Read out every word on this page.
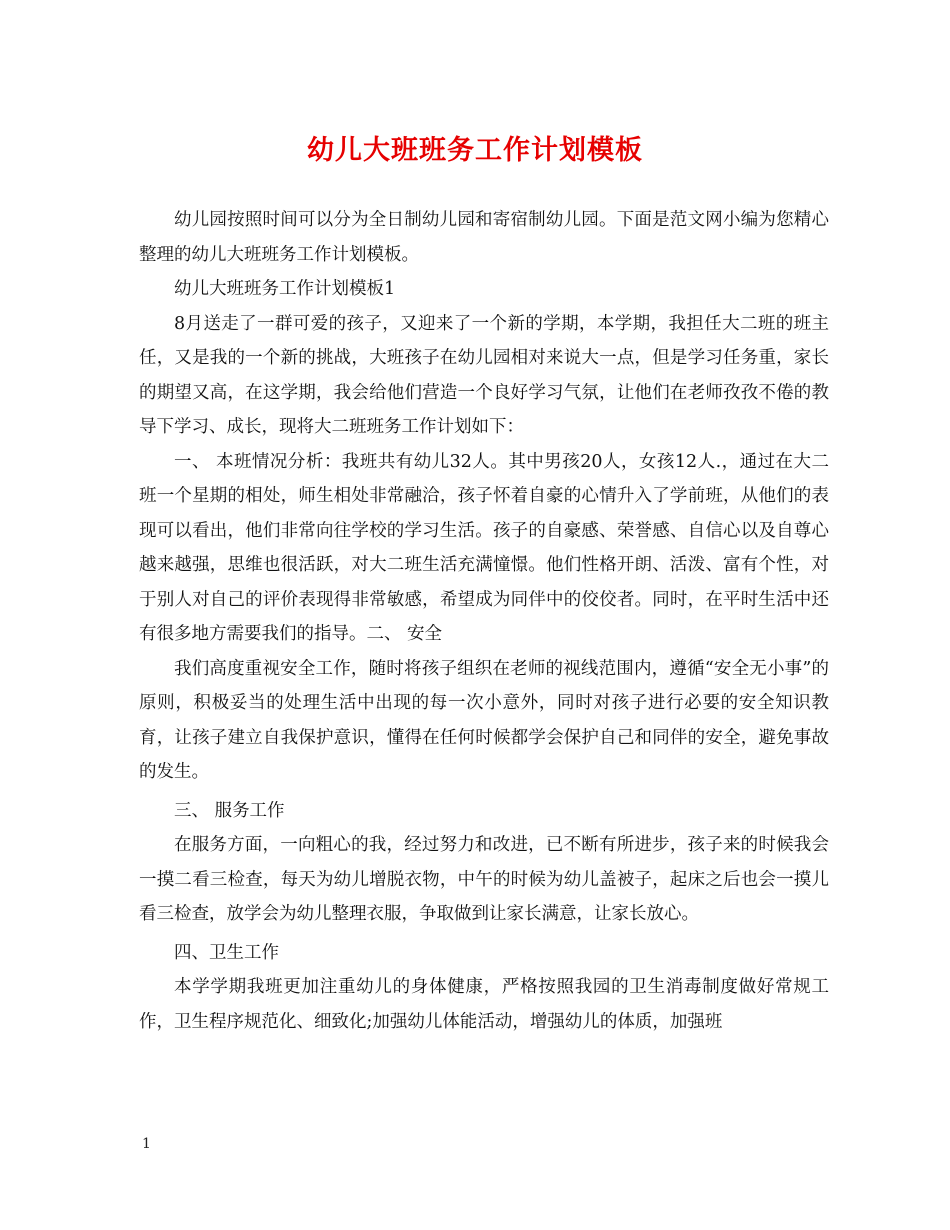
幼儿大班班务工作计划模板

幼儿园按照时间可以分为全日制幼儿园和寄宿制幼儿园。下面是范文网小编为您精心整理的幼儿大班班务工作计划模板。

幼儿大班班务工作计划模板1

8月送走了一群可爱的孩子，又迎来了一个新的学期，本学期，我担任大二班的班主任，又是我的一个新的挑战，大班孩子在幼儿园相对来说大一点，但是学习任务重，家长的期望又高，在这学期，我会给他们营造一个良好学习气氛，让他们在老师孜孜不倦的教导下学习、成长，现将大二班班务工作计划如下：

一、 本班情况分析：我班共有幼儿32人。其中男孩20人，女孩12人.，通过在大二班一个星期的相处，师生相处非常融洽，孩子怀着自豪的心情升入了学前班，从他们的表现可以看出，他们非常向往学校的学习生活。孩子的自豪感、荣誉感、自信心以及自尊心越来越强，思维也很活跃，对大二班生活充满憧憬。他们性格开朗、活泼、富有个性，对于别人对自己的评价表现得非常敏感，希望成为同伴中的佼佼者。同时，在平时生活中还有很多地方需要我们的指导。二、 安全

我们高度重视安全工作，随时将孩子组织在老师的视线范围内，遵循“安全无小事”的原则，积极妥当的处理生活中出现的每一次小意外，同时对孩子进行必要的安全知识教育，让孩子建立自我保护意识，懂得在任何时候都学会保护自己和同伴的安全，避免事故的发生。

三、 服务工作

在服务方面，一向粗心的我，经过努力和改进，已不断有所进步，孩子来的时候我会一摸二看三检查，每天为幼儿增脱衣物，中午的时候为幼儿盖被子，起床之后也会一摸儿看三检查，放学会为幼儿整理衣服，争取做到让家长满意，让家长放心。

四、卫生工作

本学学期我班更加注重幼儿的身体健康，严格按照我园的卫生消毒制度做好常规工作，卫生程序规范化、细致化;加强幼儿体能活动，增强幼儿的体质，加强班

1
